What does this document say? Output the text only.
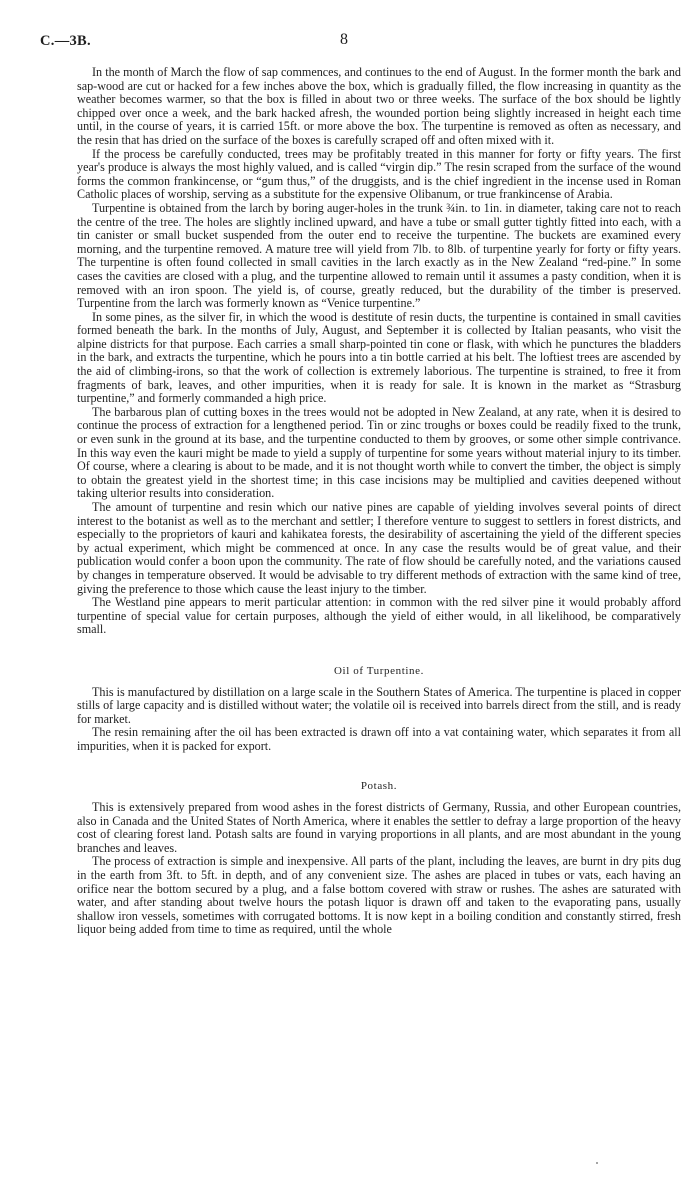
C.—3B.	8

In the month of March the flow of sap commences, and continues to the end of August. In the former month the bark and sap-wood are cut or hacked for a few inches above the box, which is gradually filled, the flow increasing in quantity as the weather becomes warmer, so that the box is filled in about two or three weeks. The surface of the box should be lightly chipped over once a week, and the bark hacked afresh, the wounded portion being slightly increased in height each time until, in the course of years, it is carried 15ft. or more above the box. The turpentine is removed as often as necessary, and the resin that has dried on the surface of the boxes is carefully scraped off and often mixed with it.

If the process be carefully conducted, trees may be profitably treated in this manner for forty or fifty years. The first year's produce is always the most highly valued, and is called “virgin dip.” The resin scraped from the surface of the wound forms the common frankincense, or “gum thus,” of the druggists, and is the chief ingredient in the incense used in Roman Catholic places of worship, serving as a substitute for the expensive Olibanum, or true frankincense of Arabia.

Turpentine is obtained from the larch by boring auger-holes in the trunk ¾in. to 1in. in diameter, taking care not to reach the centre of the tree. The holes are slightly inclined upward, and have a tube or small gutter tightly fitted into each, with a tin canister or small bucket suspended from the outer end to receive the turpentine. The buckets are examined every morning, and the turpentine removed. A mature tree will yield from 7lb. to 8lb. of turpentine yearly for forty or fifty years. The turpentine is often found collected in small cavities in the larch exactly as in the New Zealand “red-pine.” In some cases the cavities are closed with a plug, and the turpentine allowed to remain until it assumes a pasty condition, when it is removed with an iron spoon. The yield is, of course, greatly reduced, but the durability of the timber is preserved. Turpentine from the larch was formerly known as “Venice turpentine.”

In some pines, as the silver fir, in which the wood is destitute of resin ducts, the turpentine is contained in small cavities formed beneath the bark. In the months of July, August, and September it is collected by Italian peasants, who visit the alpine districts for that purpose. Each carries a small sharp-pointed tin cone or flask, with which he punctures the bladders in the bark, and extracts the turpentine, which he pours into a tin bottle carried at his belt. The loftiest trees are ascended by the aid of climbing-irons, so that the work of collection is extremely laborious. The turpentine is strained, to free it from fragments of bark, leaves, and other impurities, when it is ready for sale. It is known in the market as “Strasburg turpentine,” and formerly commanded a high price.

The barbarous plan of cutting boxes in the trees would not be adopted in New Zealand, at any rate, when it is desired to continue the process of extraction for a lengthened period. Tin or zinc troughs or boxes could be readily fixed to the trunk, or even sunk in the ground at its base, and the turpentine conducted to them by grooves, or some other simple contrivance. In this way even the kauri might be made to yield a supply of turpentine for some years without material injury to its timber. Of course, where a clearing is about to be made, and it is not thought worth while to convert the timber, the object is simply to obtain the greatest yield in the shortest time; in this case incisions may be multiplied and cavities deepened without taking ulterior results into consideration.

The amount of turpentine and resin which our native pines are capable of yielding involves several points of direct interest to the botanist as well as to the merchant and settler; I therefore venture to suggest to settlers in forest districts, and especially to the proprietors of kauri and kahikatea forests, the desirability of ascertaining the yield of the different species by actual experiment, which might be commenced at once. In any case the results would be of great value, and their publication would confer a boon upon the community. The rate of flow should be carefully noted, and the variations caused by changes in temperature observed. It would be advisable to try different methods of extraction with the same kind of tree, giving the preference to those which cause the least injury to the timber.

The Westland pine appears to merit particular attention: in common with the red silver pine it would probably afford turpentine of special value for certain purposes, although the yield of either would, in all likelihood, be comparatively small.

Oil of Turpentine.

This is manufactured by distillation on a large scale in the Southern States of America. The turpentine is placed in copper stills of large capacity and is distilled without water; the volatile oil is received into barrels direct from the still, and is ready for market.

The resin remaining after the oil has been extracted is drawn off into a vat containing water, which separates it from all impurities, when it is packed for export.

Potash.

This is extensively prepared from wood ashes in the forest districts of Germany, Russia, and other European countries, also in Canada and the United States of North America, where it enables the settler to defray a large proportion of the heavy cost of clearing forest land. Potash salts are found in varying proportions in all plants, and are most abundant in the young branches and leaves.

The process of extraction is simple and inexpensive. All parts of the plant, including the leaves, are burnt in dry pits dug in the earth from 3ft. to 5ft. in depth, and of any convenient size. The ashes are placed in tubes or vats, each having an orifice near the bottom secured by a plug, and a false bottom covered with straw or rushes. The ashes are saturated with water, and after standing about twelve hours the potash liquor is drawn off and taken to the evaporating pans, usually shallow iron vessels, sometimes with corrugated bottoms. It is now kept in a boiling condition and constantly stirred, fresh liquor being added from time to time as required, until the whole
